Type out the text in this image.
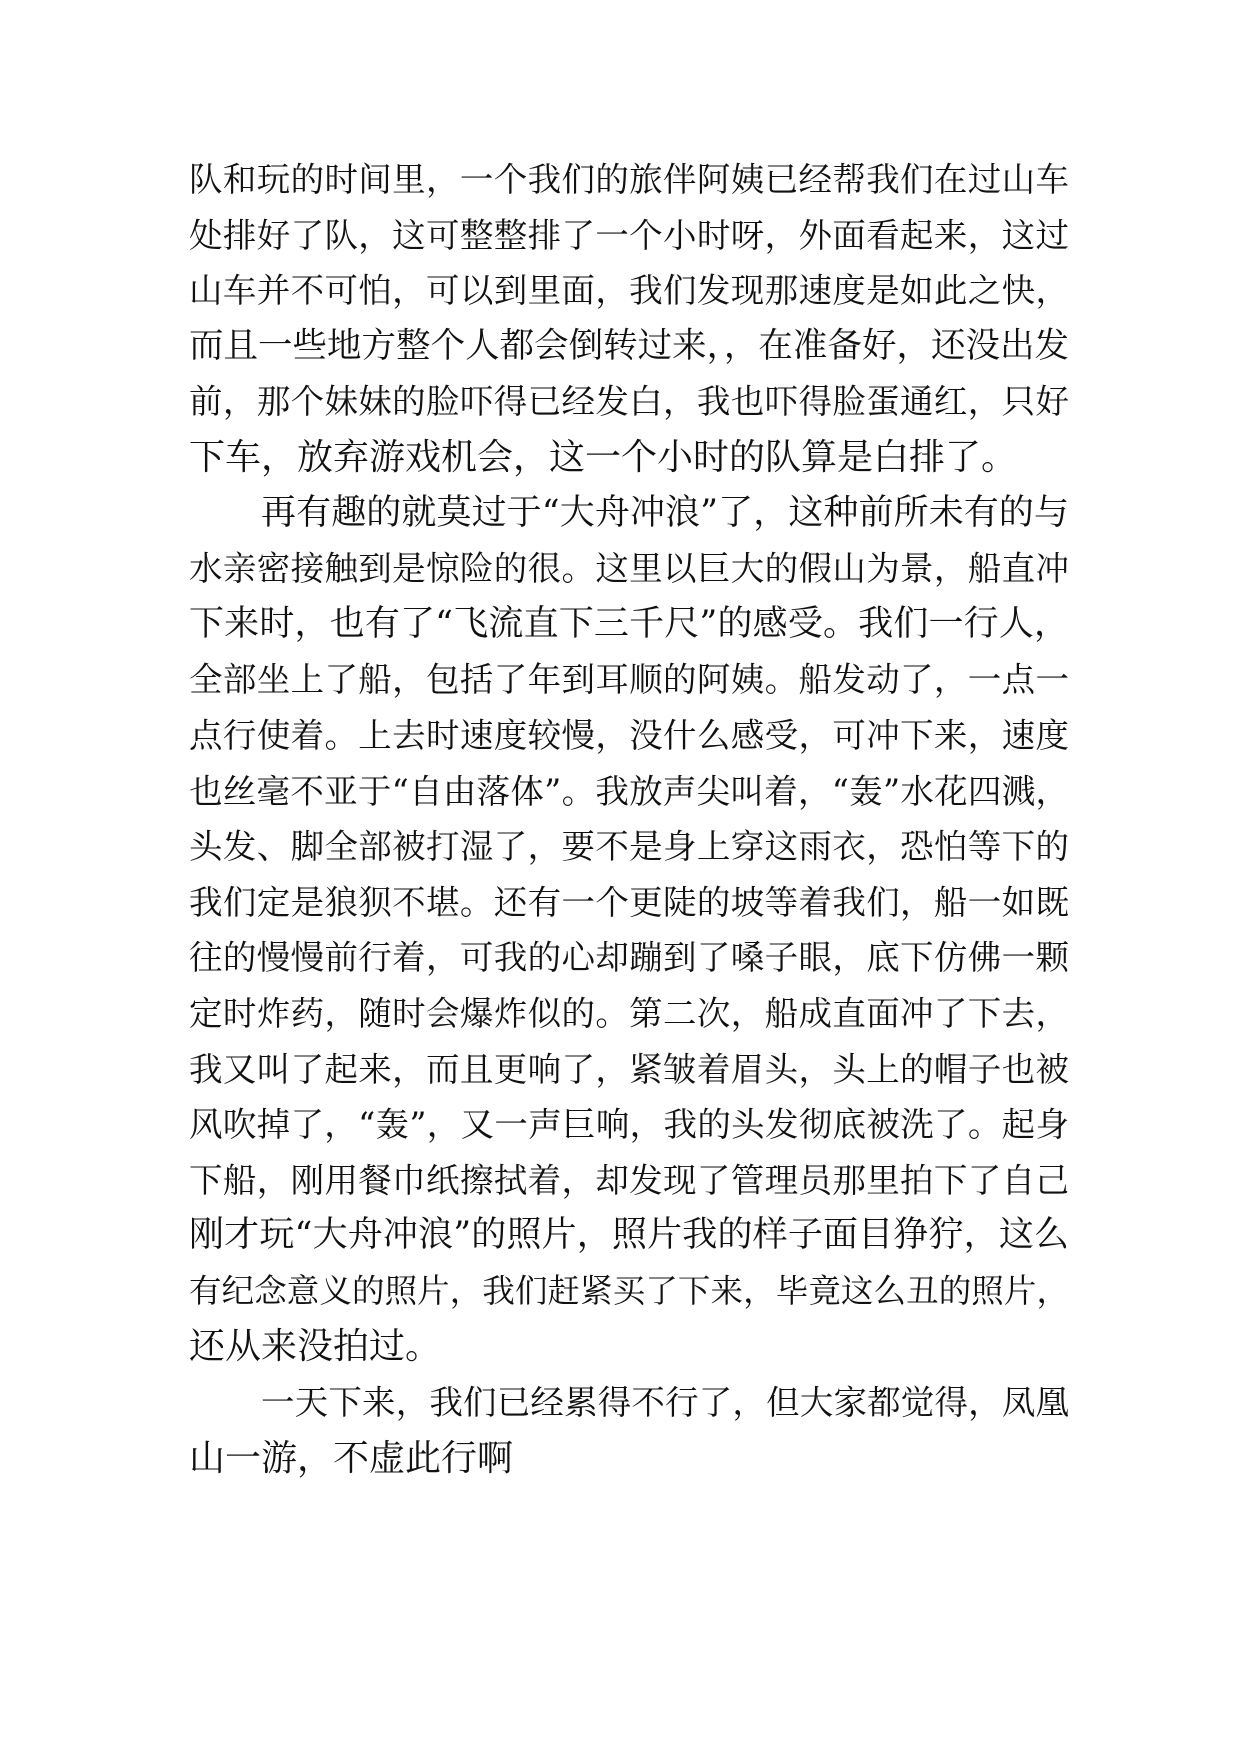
队和玩的时间里，一个我们的旅伴阿姨已经帮我们在过山车
处排好了队，这可整整排了一个小时呀，外面看起来，这过
山车并不可怕，可以到里面，我们发现那速度是如此之快，
而且一些地方整个人都会倒转过来，，在准备好，还没出发
前，那个妹妹的脸吓得已经发白，我也吓得脸蛋通红，只好
下车，放弃游戏机会，这一个小时的队算是白排了。
再有趣的就莫过于“大舟冲浪”了，这种前所未有的与
水亲密接触到是惊险的很。这里以巨大的假山为景，船直冲
下来时，也有了“飞流直下三千尺”的感受。我们一行人，
全部坐上了船，包括了年到耳顺的阿姨。船发动了，一点一
点行使着。上去时速度较慢，没什么感受，可冲下来，速度
也丝毫不亚于“自由落体”。我放声尖叫着，“轰”水花四溅，
头发、脚全部被打湿了，要不是身上穿这雨衣，恐怕等下的
我们定是狼狈不堪。还有一个更陡的坡等着我们，船一如既
往的慢慢前行着，可我的心却蹦到了嗓子眼，底下仿佛一颗
定时炸药，随时会爆炸似的。第二次，船成直面冲了下去，
我又叫了起来，而且更响了，紧皱着眉头，头上的帽子也被
风吹掉了，“轰”，又一声巨响，我的头发彻底被洗了。起身
下船，刚用餐巾纸擦拭着，却发现了管理员那里拍下了自己
刚才玩“大舟冲浪”的照片，照片我的样子面目狰狞，这么
有纪念意义的照片，我们赶紧买了下来，毕竟这么丑的照片，
还从来没拍过。
一天下来，我们已经累得不行了，但大家都觉得，凤凰
山一游，不虚此行啊
